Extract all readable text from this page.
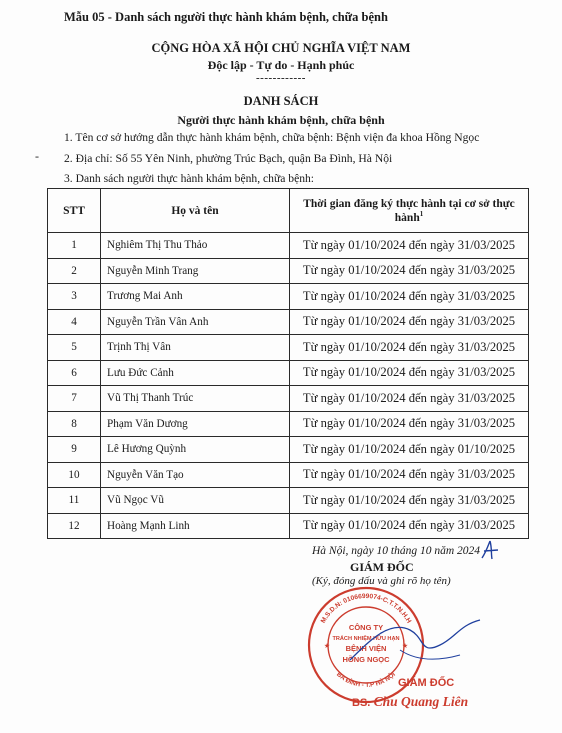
Mẫu 05 - Danh sách người thực hành khám bệnh, chữa bệnh
CỘNG HÒA XÃ HỘI CHỦ NGHĨA VIỆT NAM
Độc lập - Tự do - Hạnh phúc
------------
DANH SÁCH
Người thực hành khám bệnh, chữa bệnh
-
1. Tên cơ sở hướng dẫn thực hành khám bệnh, chữa bệnh: Bệnh viện đa khoa Hồng Ngọc
2. Địa chỉ: Số 55 Yên Ninh, phường Trúc Bạch, quận Ba Đình, Hà Nội
3. Danh sách người thực hành khám bệnh, chữa bệnh:
STT	Họ và tên	Thời gian đăng ký thực hành tại cơ sở thực hành$^1$
1	Nghiêm Thị Thu Thảo	Từ ngày 01/10/2024 đến ngày 31/03/2025
2	Nguyễn Minh Trang	Từ ngày 01/10/2024 đến ngày 31/03/2025
3	Trương Mai Anh	Từ ngày 01/10/2024 đến ngày 31/03/2025
4	Nguyễn Trần Vân Anh	Từ ngày 01/10/2024 đến ngày 31/03/2025
5	Trịnh Thị Vân	Từ ngày 01/10/2024 đến ngày 31/03/2025
6	Lưu Đức Cảnh	Từ ngày 01/10/2024 đến ngày 31/03/2025
7	Vũ Thị Thanh Trúc	Từ ngày 01/10/2024 đến ngày 31/03/2025
8	Phạm Văn Dương	Từ ngày 01/10/2024 đến ngày 31/03/2025
9	Lê Hương Quỳnh	Từ ngày 01/10/2024 đến ngày 01/10/2025
10	Nguyễn Văn Tạo	Từ ngày 01/10/2024 đến ngày 31/03/2025
11	Vũ Ngọc Vũ	Từ ngày 01/10/2024 đến ngày 31/03/2025
12	Hoàng Mạnh Linh	Từ ngày 01/10/2024 đến ngày 31/03/2025
Hà Nội, ngày 10 tháng 10 năm 2024
GIÁM ĐỐC
(Ký, đóng dấu và ghi rõ họ tên)
M.S.D.N: 0106699074-C.T.T.N.H.H
BA ĐÌNH - T.P HÀ NỘI
CÔNG TY
TRÁCH NHIỆM HỮU HẠN
BỆNH VIỆN
HỒNG NGỌC
★	★
GIÁM ĐỐC
BS. Chu Quang Liên
